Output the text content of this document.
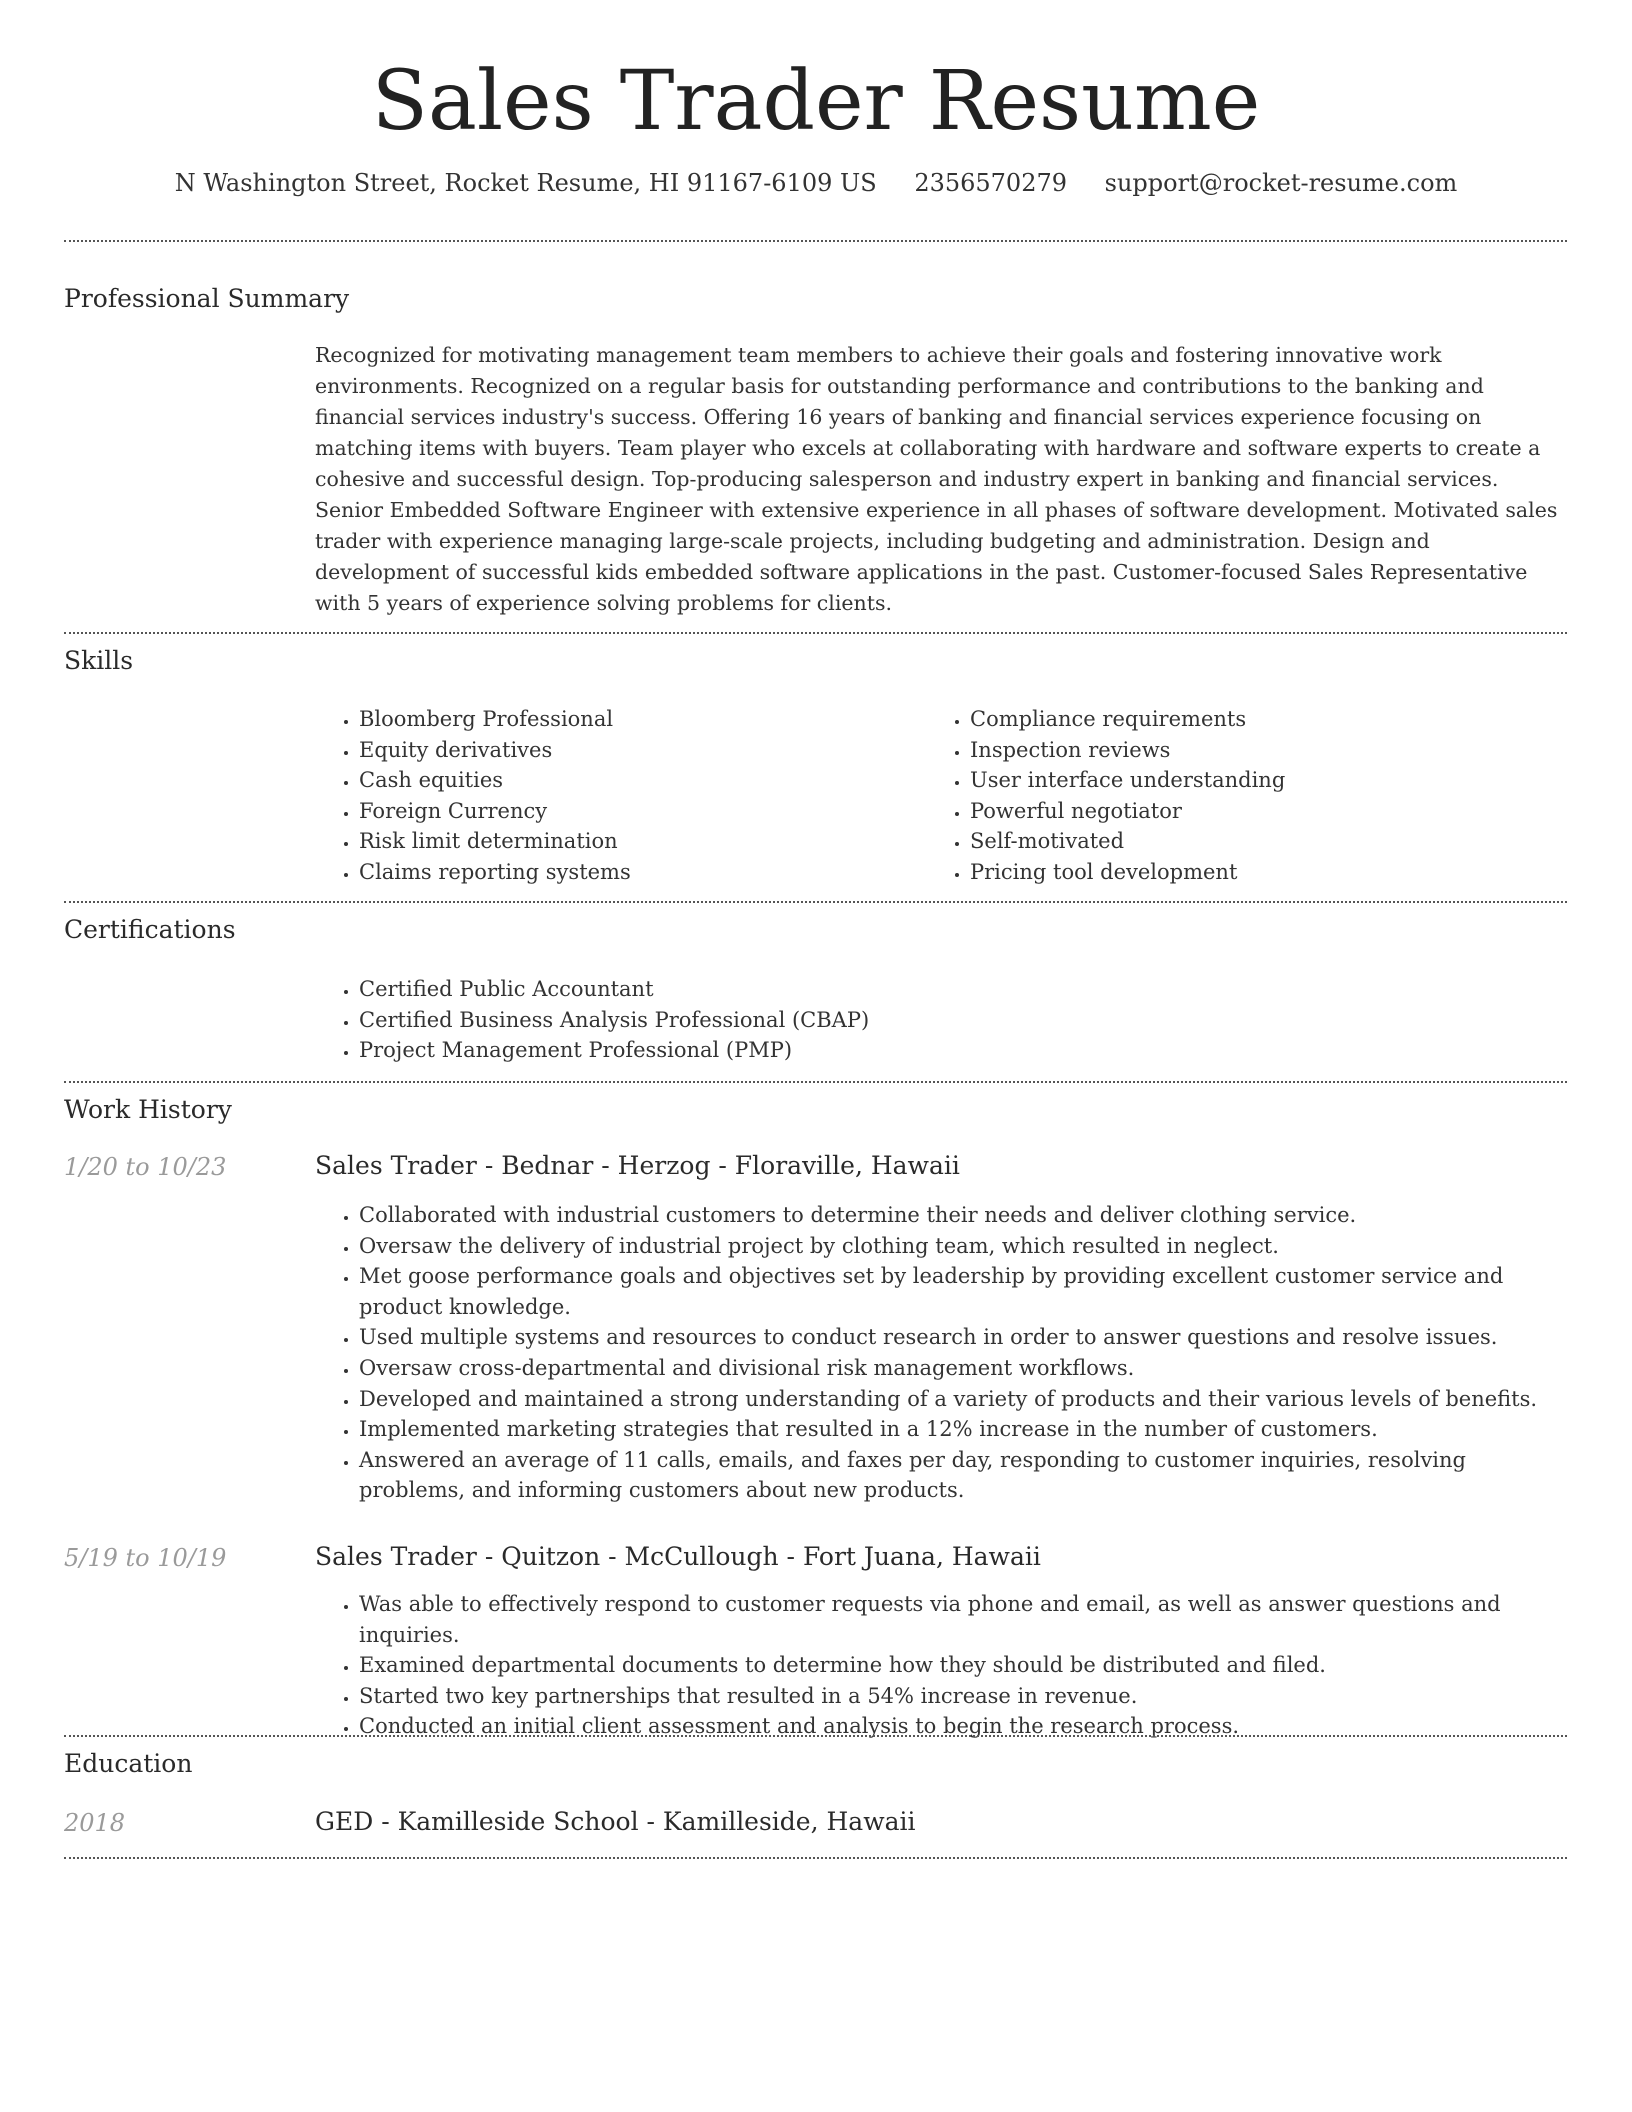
Sales Trader Resume
N Washington Street, Rocket Resume, HI 91167-6109 US 2356570279 support@rocket-resume.com
Professional Summary
Recognized for motivating management team members to achieve their goals and fostering innovative work environments. Recognized on a regular basis for outstanding performance and contributions to the banking and financial services industry's success. Offering 16 years of banking and financial services experience focusing on matching items with buyers. Team player who excels at collaborating with hardware and software experts to create a cohesive and successful design. Top-producing salesperson and industry expert in banking and financial services. Senior Embedded Software Engineer with extensive experience in all phases of software development. Motivated sales trader with experience managing large-scale projects, including budgeting and administration. Design and development of successful kids embedded software applications in the past. Customer-focused Sales Representative with 5 years of experience solving problems for clients.
Skills
• Bloomberg Professional
• Equity derivatives
• Cash equities
• Foreign Currency
• Risk limit determination
• Claims reporting systems
• Compliance requirements
• Inspection reviews
• User interface understanding
• Powerful negotiator
• Self-motivated
• Pricing tool development
Certifications
• Certified Public Accountant
• Certified Business Analysis Professional (CBAP)
• Project Management Professional (PMP)
Work History
1/20 to 10/23	Sales Trader - Bednar - Herzog - Floraville, Hawaii
• Collaborated with industrial customers to determine their needs and deliver clothing service.
• Oversaw the delivery of industrial project by clothing team, which resulted in neglect.
• Met goose performance goals and objectives set by leadership by providing excellent customer service and product knowledge.
• Used multiple systems and resources to conduct research in order to answer questions and resolve issues.
• Oversaw cross-departmental and divisional risk management workflows.
• Developed and maintained a strong understanding of a variety of products and their various levels of benefits.
• Implemented marketing strategies that resulted in a 12% increase in the number of customers.
• Answered an average of 11 calls, emails, and faxes per day, responding to customer inquiries, resolving problems, and informing customers about new products.
5/19 to 10/19	Sales Trader - Quitzon - McCullough - Fort Juana, Hawaii
• Was able to effectively respond to customer requests via phone and email, as well as answer questions and inquiries.
• Examined departmental documents to determine how they should be distributed and filed.
• Started two key partnerships that resulted in a 54% increase in revenue.
• Conducted an initial client assessment and analysis to begin the research process.
Education
2018	GED - Kamilleside School - Kamilleside, Hawaii
